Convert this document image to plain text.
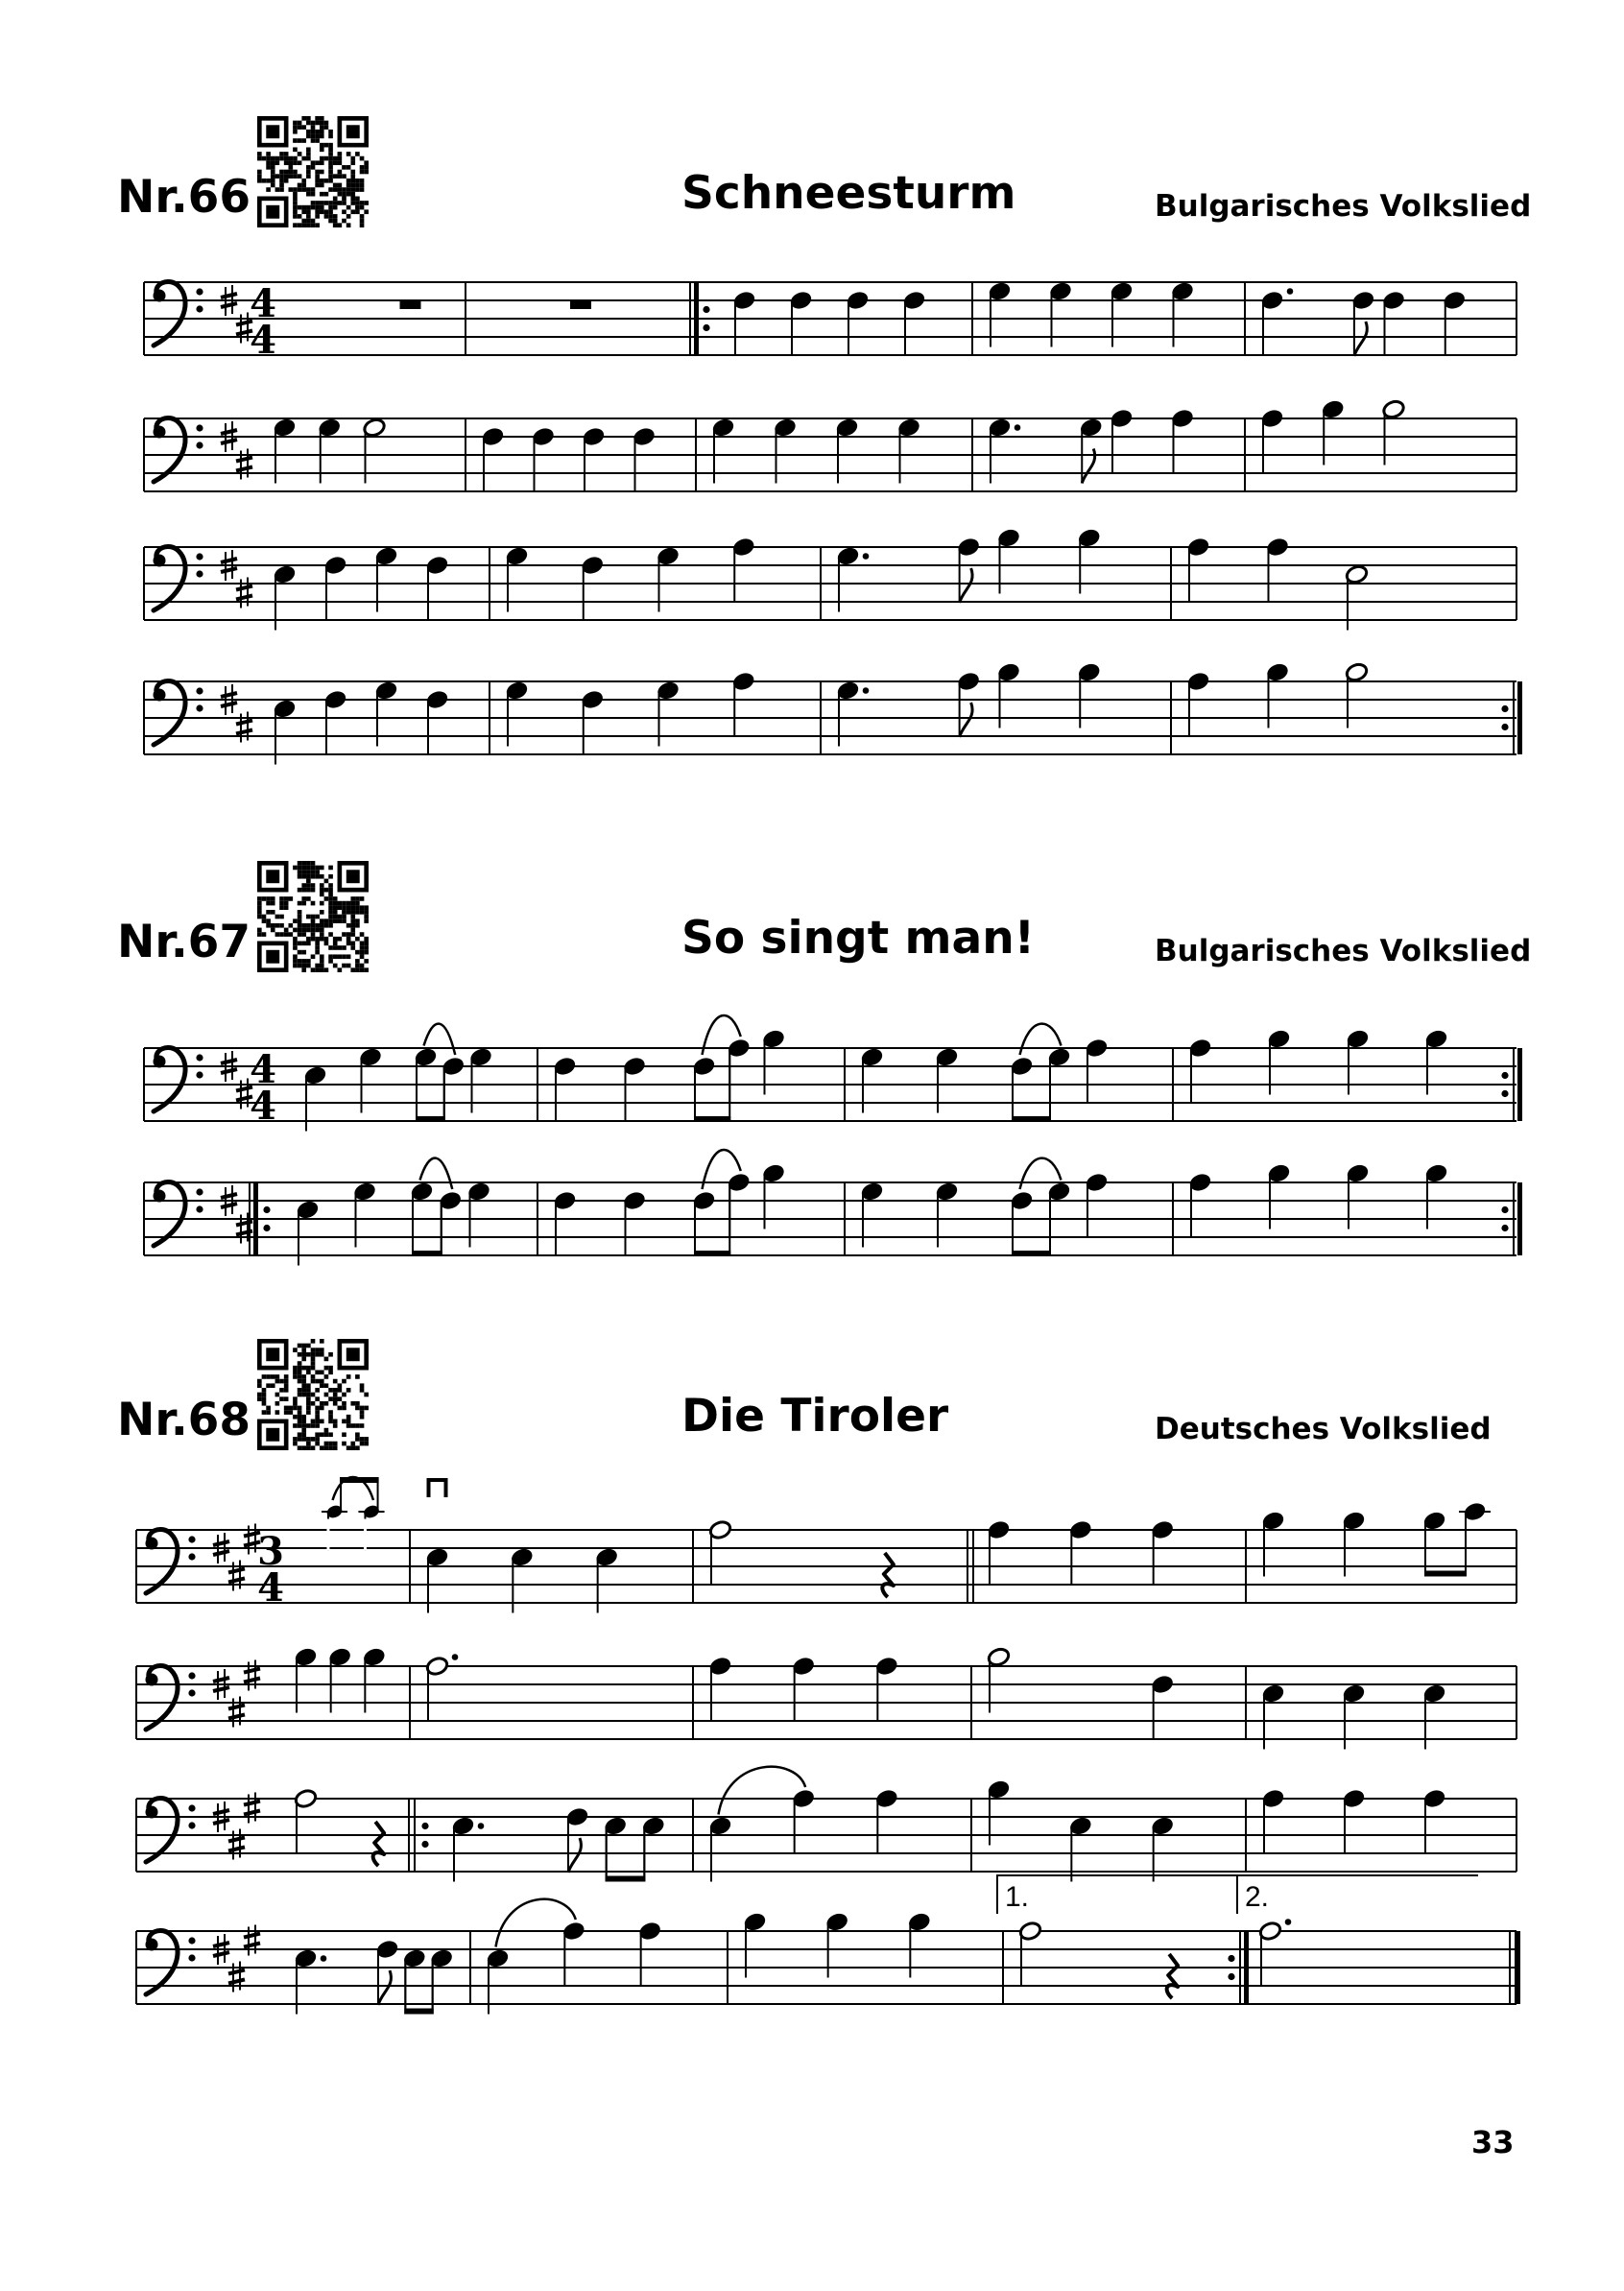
Nr.66	Schneesturm	Bulgarisches Volkslied
Nr.67	So singt man!	Bulgarisches Volkslied
Nr.68	Die Tiroler	Deutsches Volkslied
4
4
4
4
3
4
1.	2.
33
